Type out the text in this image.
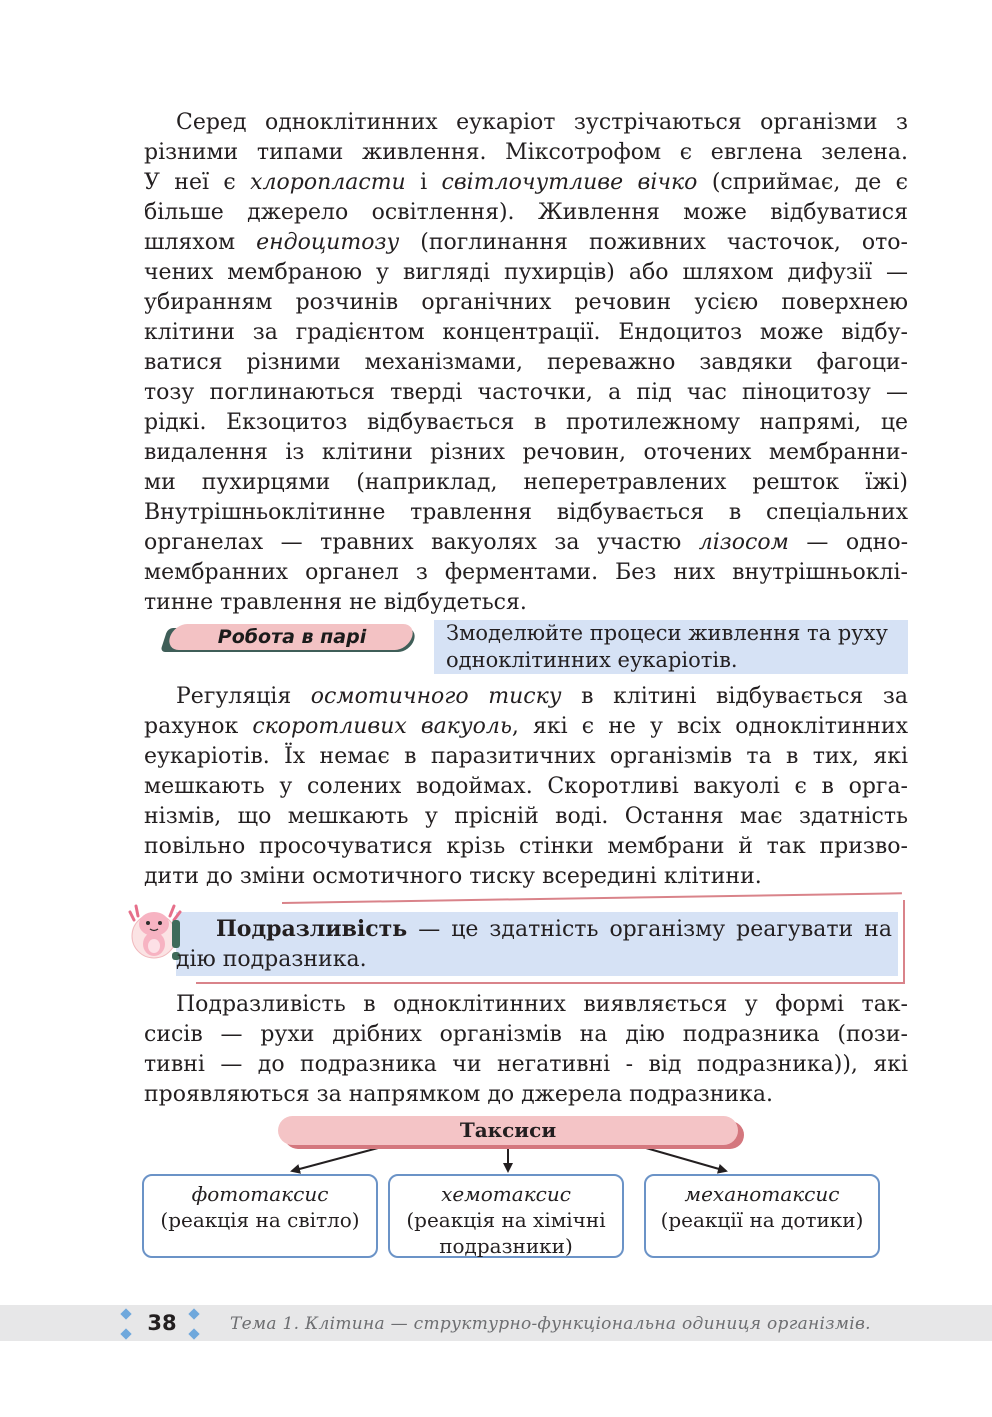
Серед одноклітинних еукаріот зустрічаються організми з
різними типами живлення. Міксотрофом є евглена зелена.
У неї є хлоропласти і світлочутливе вічко (сприймає, де є
більше джерело освітлення). Живлення може відбуватися
шляхом ендоцитозу (поглинання поживних часточок, ото-
чених мембраною у вигляді пухирців) або шляхом дифузії —
убиранням розчинів органічних речовин усією поверхнею
клітини за градієнтом концентрації. Ендоцитоз може відбу-
ватися різними механізмами, переважно завдяки фагоци-
тозу поглинаються тверді часточки, а під час піноцитозу —
рідкі. Екзоцитоз відбувається в протилежному напрямі, це
видалення із клітини різних речовин, оточених мембранни-
ми пухирцями (наприклад, неперетравлених решток їжі)
Внутрішньоклітинне травлення відбувається в спеціальних
органелах — травних вакуолях за участю лізосом — одно-
мембранних органел з ферментами. Без них внутрішньоклі-
тинне травлення не відбудеться.
Робота в парі	Змоделюйте процеси живлення та руху
одноклітинних еукаріотів.
Регуляція осмотичного тиску в клітині відбувається за
рахунок скоротливих вакуоль, які є не у всіх одноклітинних
еукаріотів. Їх немає в паразитичних організмів та в тих, які
мешкають у солених водоймах. Скоротливі вакуолі є в орга-
нізмів, що мешкають у прісній воді. Остання має здатність
повільно просочуватися крізь стінки мембрани й так призво-
дити до зміни осмотичного тиску всередині клітини.
Подразливість — це здатність організму реагувати на
дію подразника.
Подразливість в одноклітинних виявляється у формі так-
сисів — рухи дрібних організмів на дію подразника (пози-
тивні — до подразника чи негативні - від подразника)), які
проявляються за напрямком до джерела подразника.
Таксиси
фототаксис
(реакція на світло)
хемотаксис
(реакція на хімічні подразники)
механотаксис
(реакції на дотики)
38	Тема 1. Клітина — структурно-функціональна одиниця організмів.
